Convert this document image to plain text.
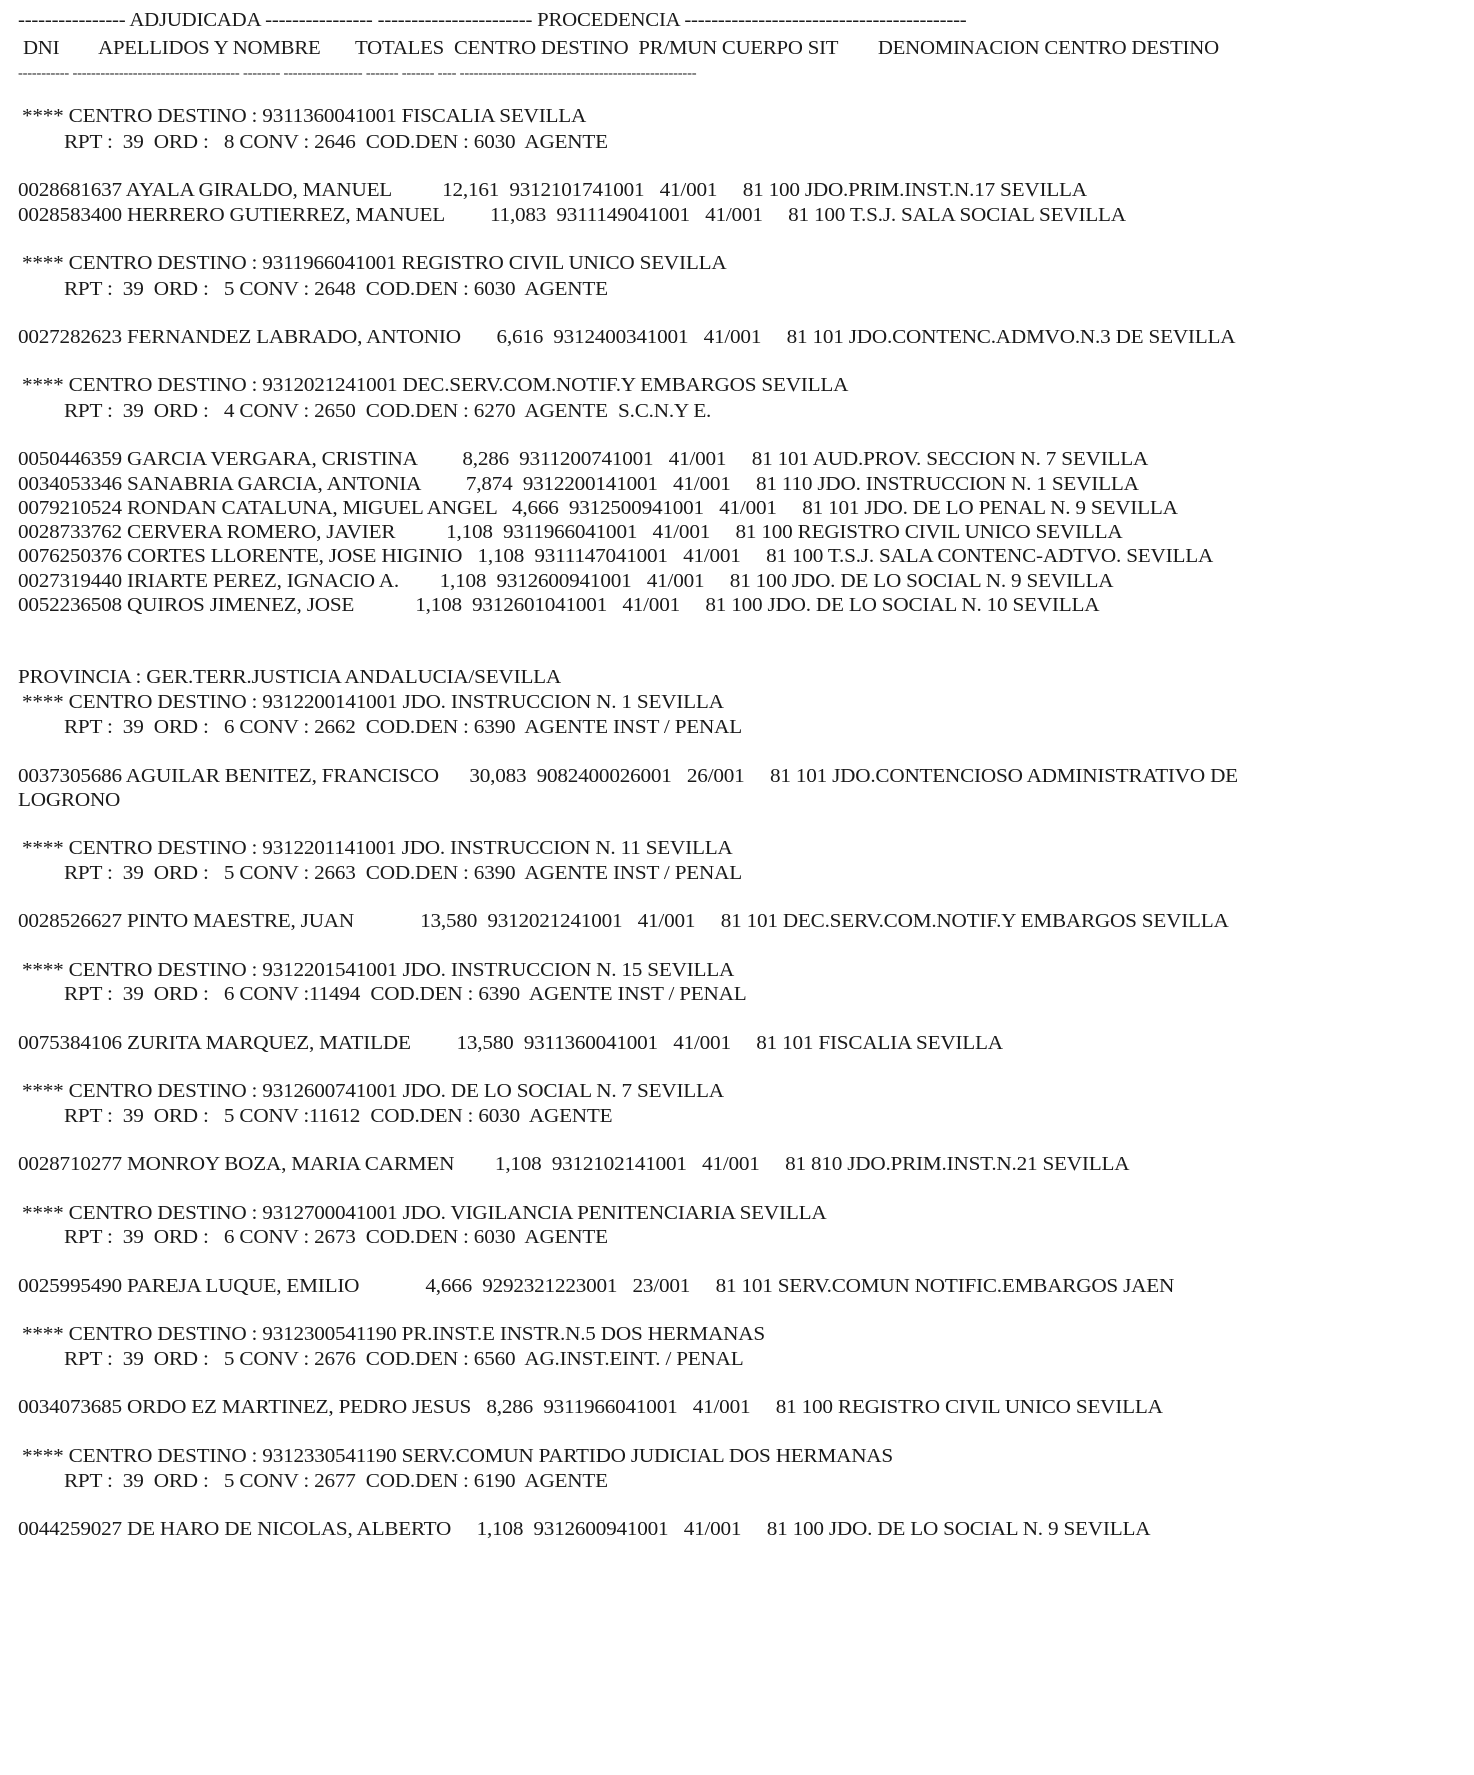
---------------- ADJUDICADA ---------------- ----------------------- PROCEDENCIA ------------------------------------------
DNI        APELLIDOS Y NOMBRE       TOTALES  CENTRO DESTINO  PR/MUN CUERPO SIT        DENOMINACION CENTRO DESTINO
----------- ------------------------------------ -------- ----------------- ------- ------- ---- ---------------------------------------------------
**** CENTRO DESTINO : 9311360041001 FISCALIA SEVILLA
RPT :  39  ORD :   8 CONV : 2646  COD.DEN : 6030  AGENTE
0028681637 AYALA GIRALDO, MANUEL          12,161  9312101741001   41/001     81 100 JDO.PRIM.INST.N.17 SEVILLA
0028583400 HERRERO GUTIERREZ, MANUEL         11,083  9311149041001   41/001     81 100 T.S.J. SALA SOCIAL SEVILLA
**** CENTRO DESTINO : 9311966041001 REGISTRO CIVIL UNICO SEVILLA
RPT :  39  ORD :   5 CONV : 2648  COD.DEN : 6030  AGENTE
0027282623 FERNANDEZ LABRADO, ANTONIO       6,616  9312400341001   41/001     81 101 JDO.CONTENC.ADMVO.N.3 DE SEVILLA
**** CENTRO DESTINO : 9312021241001 DEC.SERV.COM.NOTIF.Y EMBARGOS SEVILLA
RPT :  39  ORD :   4 CONV : 2650  COD.DEN : 6270  AGENTE  S.C.N.Y E.
0050446359 GARCIA VERGARA, CRISTINA         8,286  9311200741001   41/001     81 101 AUD.PROV. SECCION N. 7 SEVILLA
0034053346 SANABRIA GARCIA, ANTONIA         7,874  9312200141001   41/001     81 110 JDO. INSTRUCCION N. 1 SEVILLA
0079210524 RONDAN CATALUNA, MIGUEL ANGEL   4,666  9312500941001   41/001     81 101 JDO. DE LO PENAL N. 9 SEVILLA
0028733762 CERVERA ROMERO, JAVIER          1,108  9311966041001   41/001     81 100 REGISTRO CIVIL UNICO SEVILLA
0076250376 CORTES LLORENTE, JOSE HIGINIO   1,108  9311147041001   41/001     81 100 T.S.J. SALA CONTENC-ADTVO. SEVILLA
0027319440 IRIARTE PEREZ, IGNACIO A.        1,108  9312600941001   41/001     81 100 JDO. DE LO SOCIAL N. 9 SEVILLA
0052236508 QUIROS JIMENEZ, JOSE            1,108  9312601041001   41/001     81 100 JDO. DE LO SOCIAL N. 10 SEVILLA
PROVINCIA : GER.TERR.JUSTICIA ANDALUCIA/SEVILLA
**** CENTRO DESTINO : 9312200141001 JDO. INSTRUCCION N. 1 SEVILLA
RPT :  39  ORD :   6 CONV : 2662  COD.DEN : 6390  AGENTE INST / PENAL
0037305686 AGUILAR BENITEZ, FRANCISCO      30,083  9082400026001   26/001     81 101 JDO.CONTENCIOSO ADMINISTRATIVO DE
LOGRONO
**** CENTRO DESTINO : 9312201141001 JDO. INSTRUCCION N. 11 SEVILLA
RPT :  39  ORD :   5 CONV : 2663  COD.DEN : 6390  AGENTE INST / PENAL
0028526627 PINTO MAESTRE, JUAN             13,580  9312021241001   41/001     81 101 DEC.SERV.COM.NOTIF.Y EMBARGOS SEVILLA
**** CENTRO DESTINO : 9312201541001 JDO. INSTRUCCION N. 15 SEVILLA
RPT :  39  ORD :   6 CONV :11494  COD.DEN : 6390  AGENTE INST / PENAL
0075384106 ZURITA MARQUEZ, MATILDE         13,580  9311360041001   41/001     81 101 FISCALIA SEVILLA
**** CENTRO DESTINO : 9312600741001 JDO. DE LO SOCIAL N. 7 SEVILLA
RPT :  39  ORD :   5 CONV :11612  COD.DEN : 6030  AGENTE
0028710277 MONROY BOZA, MARIA CARMEN        1,108  9312102141001   41/001     81 810 JDO.PRIM.INST.N.21 SEVILLA
**** CENTRO DESTINO : 9312700041001 JDO. VIGILANCIA PENITENCIARIA SEVILLA
RPT :  39  ORD :   6 CONV : 2673  COD.DEN : 6030  AGENTE
0025995490 PAREJA LUQUE, EMILIO             4,666  9292321223001   23/001     81 101 SERV.COMUN NOTIFIC.EMBARGOS JAEN
**** CENTRO DESTINO : 9312300541190 PR.INST.E INSTR.N.5 DOS HERMANAS
RPT :  39  ORD :   5 CONV : 2676  COD.DEN : 6560  AG.INST.EINT. / PENAL
0034073685 ORDO EZ MARTINEZ, PEDRO JESUS   8,286  9311966041001   41/001     81 100 REGISTRO CIVIL UNICO SEVILLA
**** CENTRO DESTINO : 9312330541190 SERV.COMUN PARTIDO JUDICIAL DOS HERMANAS
RPT :  39  ORD :   5 CONV : 2677  COD.DEN : 6190  AGENTE
0044259027 DE HARO DE NICOLAS, ALBERTO     1,108  9312600941001   41/001     81 100 JDO. DE LO SOCIAL N. 9 SEVILLA
